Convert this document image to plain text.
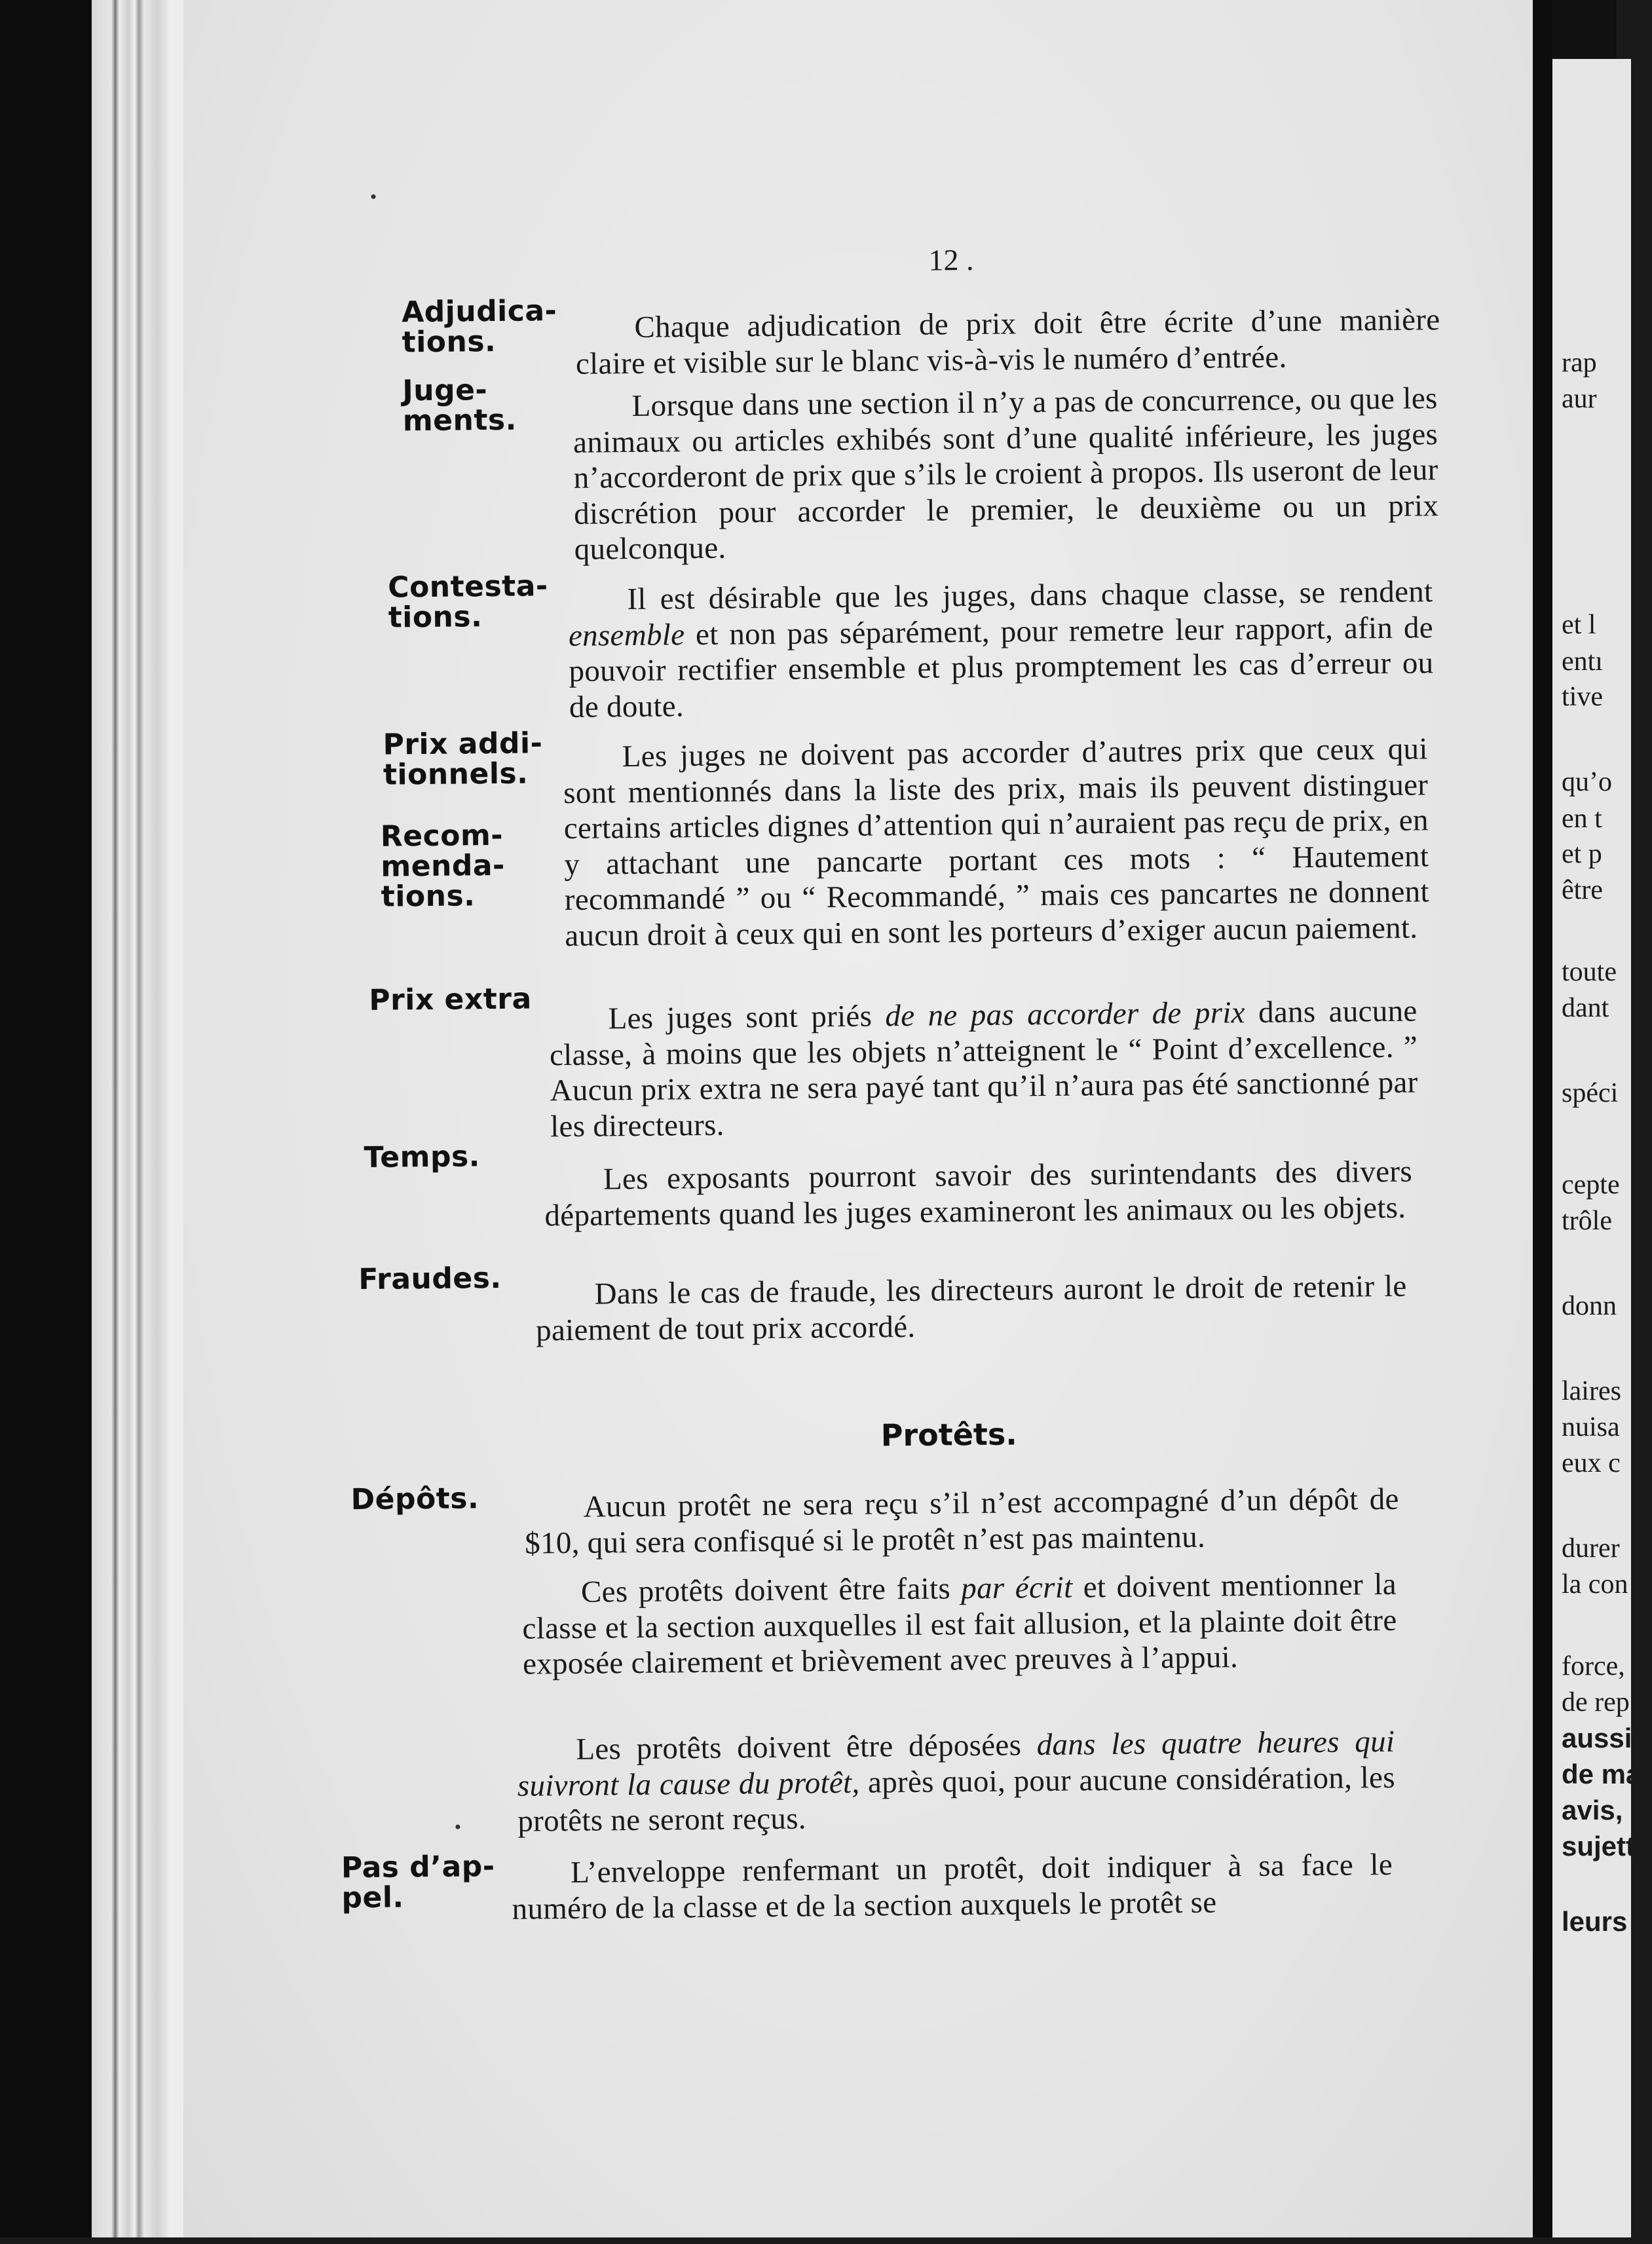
12 .
Adjudica-
tions.
Juge-
ments.
Contesta-
tions.
Prix addi-
tionnels.
Recom-
menda-
tions.
Prix extra
Temps.
Fraudes.
Dépôts.
Pas d’ap-
pel.
Chaque adjudication de prix doit être écrite d’une manière claire et visible sur le blanc vis-à-vis le numéro d’entrée.
Lorsque dans une section il n’y a pas de concurrence, ou que les animaux ou articles exhibés sont d’une qualité inférieure, les juges n’accorderont de prix que s’ils le croient à propos. Ils useront de leur discrétion pour accorder le premier, le deuxième ou un prix quelconque.
Il est désirable que les juges, dans chaque classe, se rendent ensemble et non pas séparément, pour remetre leur rapport, afin de pouvoir rectifier ensemble et plus promptement les cas d’erreur ou de doute.
Les juges ne doivent pas accorder d’autres prix que ceux qui sont mentionnés dans la liste des prix, mais ils peuvent distinguer certains articles dignes d’attention qui n’auraient pas reçu de prix, en y attachant une pancarte portant ces mots : “ Hautement recommandé ” ou “ Recommandé, ” mais ces pancartes ne donnent aucun droit à ceux qui en sont les porteurs d’exiger aucun paiement.
Les juges sont priés de ne pas accorder de prix dans aucune classe, à moins que les objets n’atteignent le “ Point d’excellence. ” Aucun prix extra ne sera payé tant qu’il n’aura pas été sanctionné par les directeurs.
Les exposants pourront savoir des surintendants des divers départements quand les juges examineront les animaux ou les objets.
Dans le cas de fraude, les directeurs auront le droit de retenir le paiement de tout prix accordé.
Protêts.
Aucun protêt ne sera reçu s’il n’est accompagné d’un dépôt de $10, qui sera confisqué si le protêt n’est pas maintenu.
Ces protêts doivent être faits par écrit et doivent mentionner la classe et la section auxquelles il est fait allusion, et la plainte doit être exposée clairement et brièvement avec preuves à l’appui.
Les protêts doivent être déposées dans les quatre heures qui suivront la cause du protêt, après quoi, pour aucune considération, les protêts ne seront reçus.
L’enveloppe renfermant un protêt, doit indiquer à sa face le numéro de la classe et de la section auxquels le protêt se
rap
aur
et l
entı
tive
qu’o
en t
et p
être
toute
dant
spéci
cepte
trôle
donn
laires
nuisa
eux c
durer
la con
force,
de rep
aussi
de ma
avis, s
sujetto
leurs c
